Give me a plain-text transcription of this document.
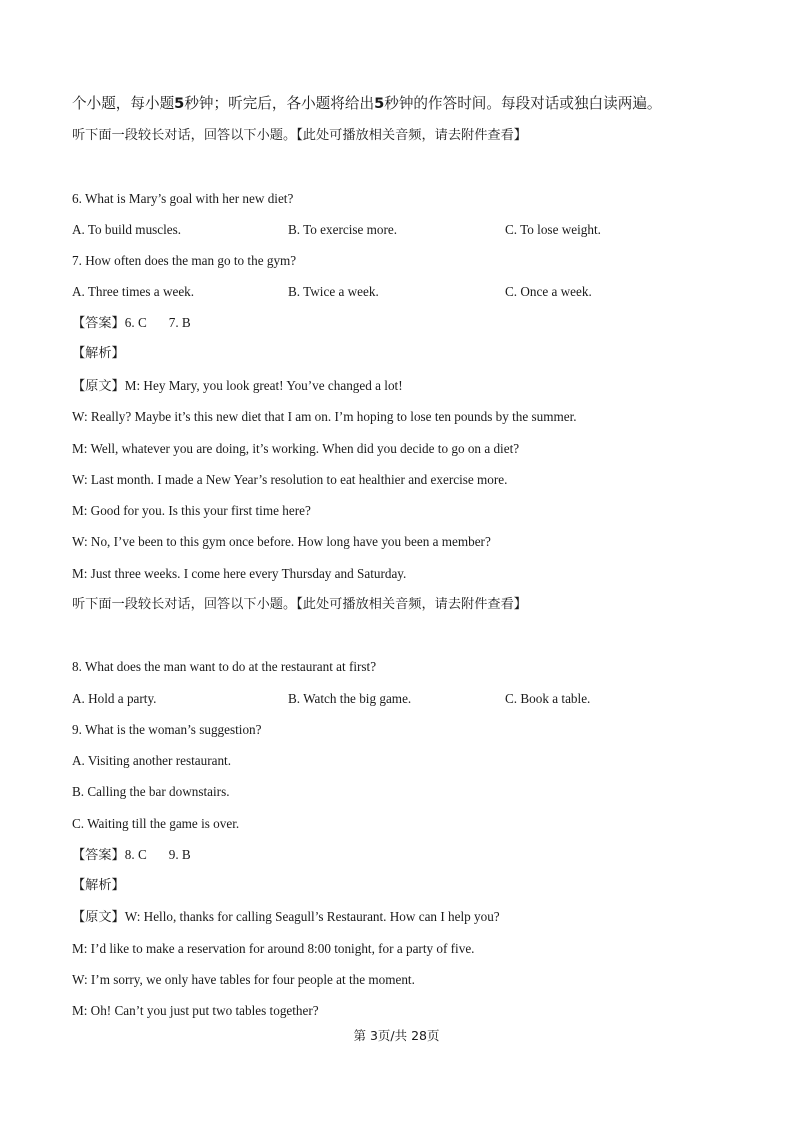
个小题，每小题5秒钟；听完后，各小题将给出5秒钟的作答时间。每段对话或独白读两遍。
听下面一段较长对话，回答以下小题。【此处可播放相关音频，请去附件查看】
6. What is Mary’s goal with her new diet?
A. To build muscles.	B. To exercise more.	C. To lose weight.
7. How often does the man go to the gym?
A. Three times a week.	B. Twice a week.	C. Once a week.
【答案】6. C 7. B
【解析】
【原文】M: Hey Mary, you look great! You’ve changed a lot!
W: Really? Maybe it’s this new diet that I am on. I’m hoping to lose ten pounds by the summer.
M: Well, whatever you are doing, it’s working. When did you decide to go on a diet?
W: Last month. I made a New Year’s resolution to eat healthier and exercise more.
M: Good for you. Is this your first time here?
W: No, I’ve been to this gym once before. How long have you been a member?
M: Just three weeks. I come here every Thursday and Saturday.
听下面一段较长对话，回答以下小题。【此处可播放相关音频，请去附件查看】
8. What does the man want to do at the restaurant at first?
A. Hold a party.	B. Watch the big game.	C. Book a table.
9. What is the woman’s suggestion?
A. Visiting another restaurant.
B. Calling the bar downstairs.
C. Waiting till the game is over.
【答案】8. C 9. B
【解析】
【原文】W: Hello, thanks for calling Seagull’s Restaurant. How can I help you?
M: I’d like to make a reservation for around 8:00 tonight, for a party of five.
W: I’m sorry, we only have tables for four people at the moment.
M: Oh! Can’t you just put two tables together?
第 3页/共 28页
